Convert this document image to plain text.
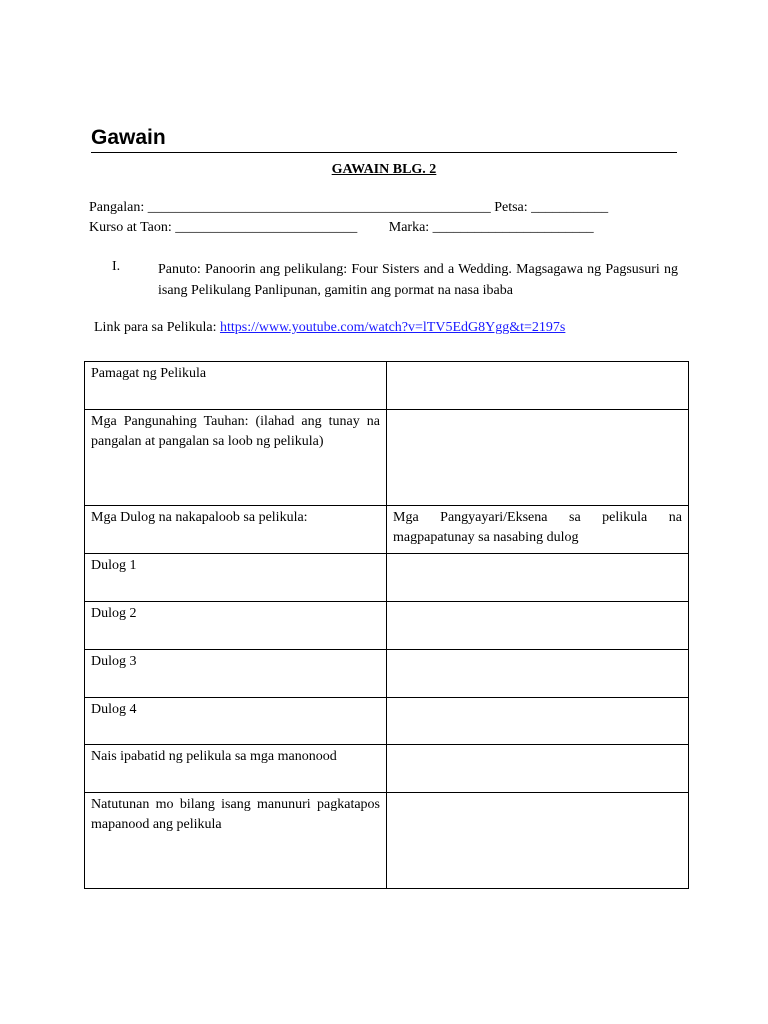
Gawain
GAWAIN BLG. 2
Pangalan: _________________________________________________ Petsa: ___________
Kurso at Taon: __________________________         Marka: _______________________
I.	Panuto: Panoorin ang pelikulang: Four Sisters and a Wedding. Magsagawa ng Pagsusuri ng isang Pelikulang Panlipunan, gamitin ang pormat na nasa ibaba
Link para sa Pelikula: https://www.youtube.com/watch?v=lTV5EdG8Ygg&t=2197s
Pamagat ng Pelikula	
Mga Pangunahing Tauhan: (ilahad ang tunay na pangalan at pangalan sa loob ng pelikula)	
Mga Dulog na nakapaloob sa pelikula:	Mga Pangyayari/Eksena sa pelikula na magpapatunay sa nasabing dulog
Dulog 1	
Dulog 2	
Dulog 3	
Dulog 4	
Nais ipabatid ng pelikula sa mga manonood	
Natutunan mo bilang isang manunuri pagkatapos mapanood ang pelikula	
